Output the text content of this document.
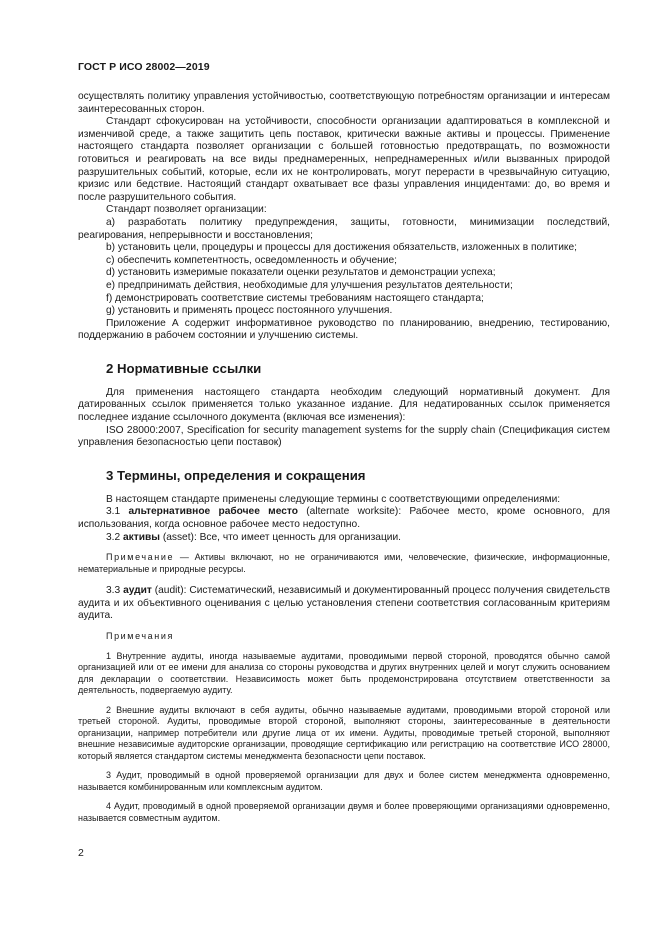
ГОСТ Р ИСО 28002—2019

осуществлять политику управления устойчивостью, соответствующую потребностям организации и интересам заинтересованных сторон.

Стандарт сфокусирован на устойчивости, способности организации адаптироваться в комплексной и изменчивой среде, а также защитить цепь поставок, критически важные активы и процессы. Применение настоящего стандарта позволяет организации с большей готовностью предотвращать, по возможности готовиться и реагировать на все виды преднамеренных, непреднамеренных и/или вызванных природой разрушительных событий, которые, если их не контролировать, могут перерасти в чрезвычайную ситуацию, кризис или бедствие. Настоящий стандарт охватывает все фазы управления инцидентами: до, во время и после разрушительного события.

Стандарт позволяет организации:

a) разработать политику предупреждения, защиты, готовности, минимизации последствий, реагирования, непрерывности и восстановления;

b) установить цели, процедуры и процессы для достижения обязательств, изложенных в политике;

c) обеспечить компетентность, осведомленность и обучение;

d) установить измеримые показатели оценки результатов и демонстрации успеха;

e) предпринимать действия, необходимые для улучшения результатов деятельности;

f) демонстрировать соответствие системы требованиям настоящего стандарта;

g) установить и применять процесс постоянного улучшения.

Приложение А содержит информативное руководство по планированию, внедрению, тестированию, поддержанию в рабочем состоянии и улучшению системы.

2 Нормативные ссылки

Для применения настоящего стандарта необходим следующий нормативный документ. Для датированных ссылок применяется только указанное издание. Для недатированных ссылок применяется последнее издание ссылочного документа (включая все изменения):

ISO 28000:2007, Specification for security management systems for the supply chain (Спецификация систем управления безопасностью цепи поставок)

3 Термины, определения и сокращения

В настоящем стандарте применены следующие термины с соответствующими определениями:

3.1 альтернативное рабочее место (alternate worksite): Рабочее место, кроме основного, для использования, когда основное рабочее место недоступно.

3.2 активы (asset): Все, что имеет ценность для организации.

Примечание — Активы включают, но не ограничиваются ими, человеческие, физические, информационные, нематериальные и природные ресурсы.

3.3 аудит (audit): Систематический, независимый и документированный процесс получения свидетельств аудита и их объективного оценивания с целью установления степени соответствия согласованным критериям аудита.

Примечания

1 Внутренние аудиты, иногда называемые аудитами, проводимыми первой стороной, проводятся обычно самой организацией или от ее имени для анализа со стороны руководства и других внутренних целей и могут служить основанием для декларации о соответствии. Независимость может быть продемонстрирована отсутствием ответственности за деятельность, подвергаемую аудиту.

2 Внешние аудиты включают в себя аудиты, обычно называемые аудитами, проводимыми второй стороной или третьей стороной. Аудиты, проводимые второй стороной, выполняют стороны, заинтересованные в деятельности организации, например потребители или другие лица от их имени. Аудиты, проводимые третьей стороной, выполняют внешние независимые аудиторские организации, проводящие сертификацию или регистрацию на соответствие ИСО 28000, который является стандартом системы менеджмента безопасности цепи поставок.

3 Аудит, проводимый в одной проверяемой организации для двух и более систем менеджмента одновременно, называется комбинированным или комплексным аудитом.

4 Аудит, проводимый в одной проверяемой организации двумя и более проверяющими организациями одновременно, называется совместным аудитом.

2
